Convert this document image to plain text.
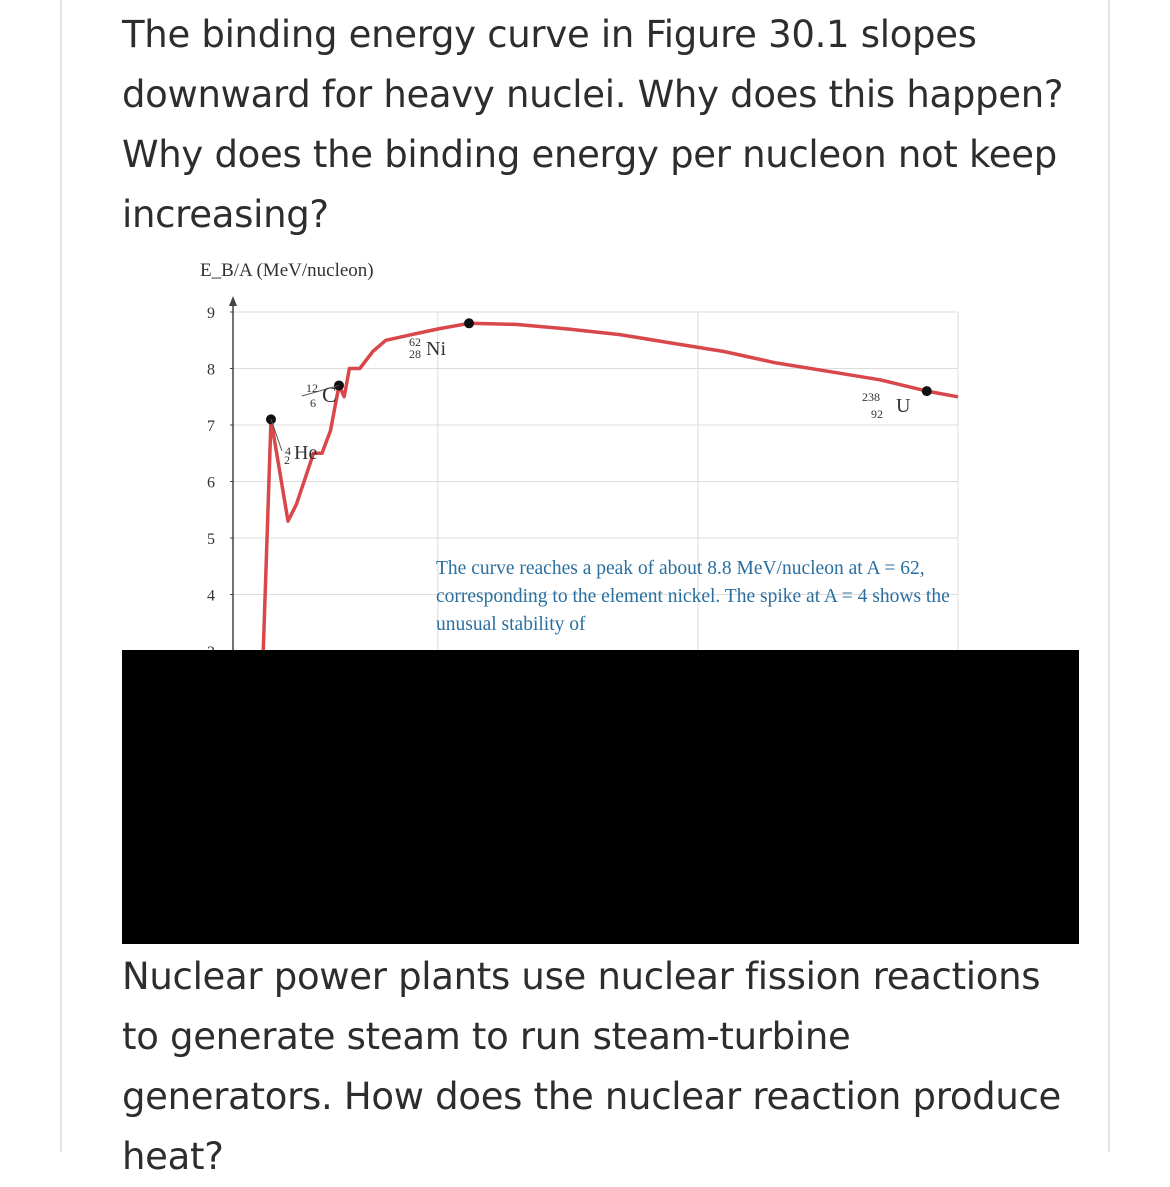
The binding energy curve in Figure 30.1 slopes downward for heavy nuclei. Why does this happen? Why does the binding energy per nucleon not keep increasing?

E_B/A (MeV/nucleon)
4
5
6
7
8
9
4
2 He
12
6 C
62
28 Ni
238
92 U

The curve reaches a peak of about 8.8 MeV/nucleon at A = 62, corresponding to the element nickel. The spike at A = 4 shows the unusual stability of

Nuclear power plants use nuclear fission reactions to generate steam to run steam-turbine generators. How does the nuclear reaction produce heat?
